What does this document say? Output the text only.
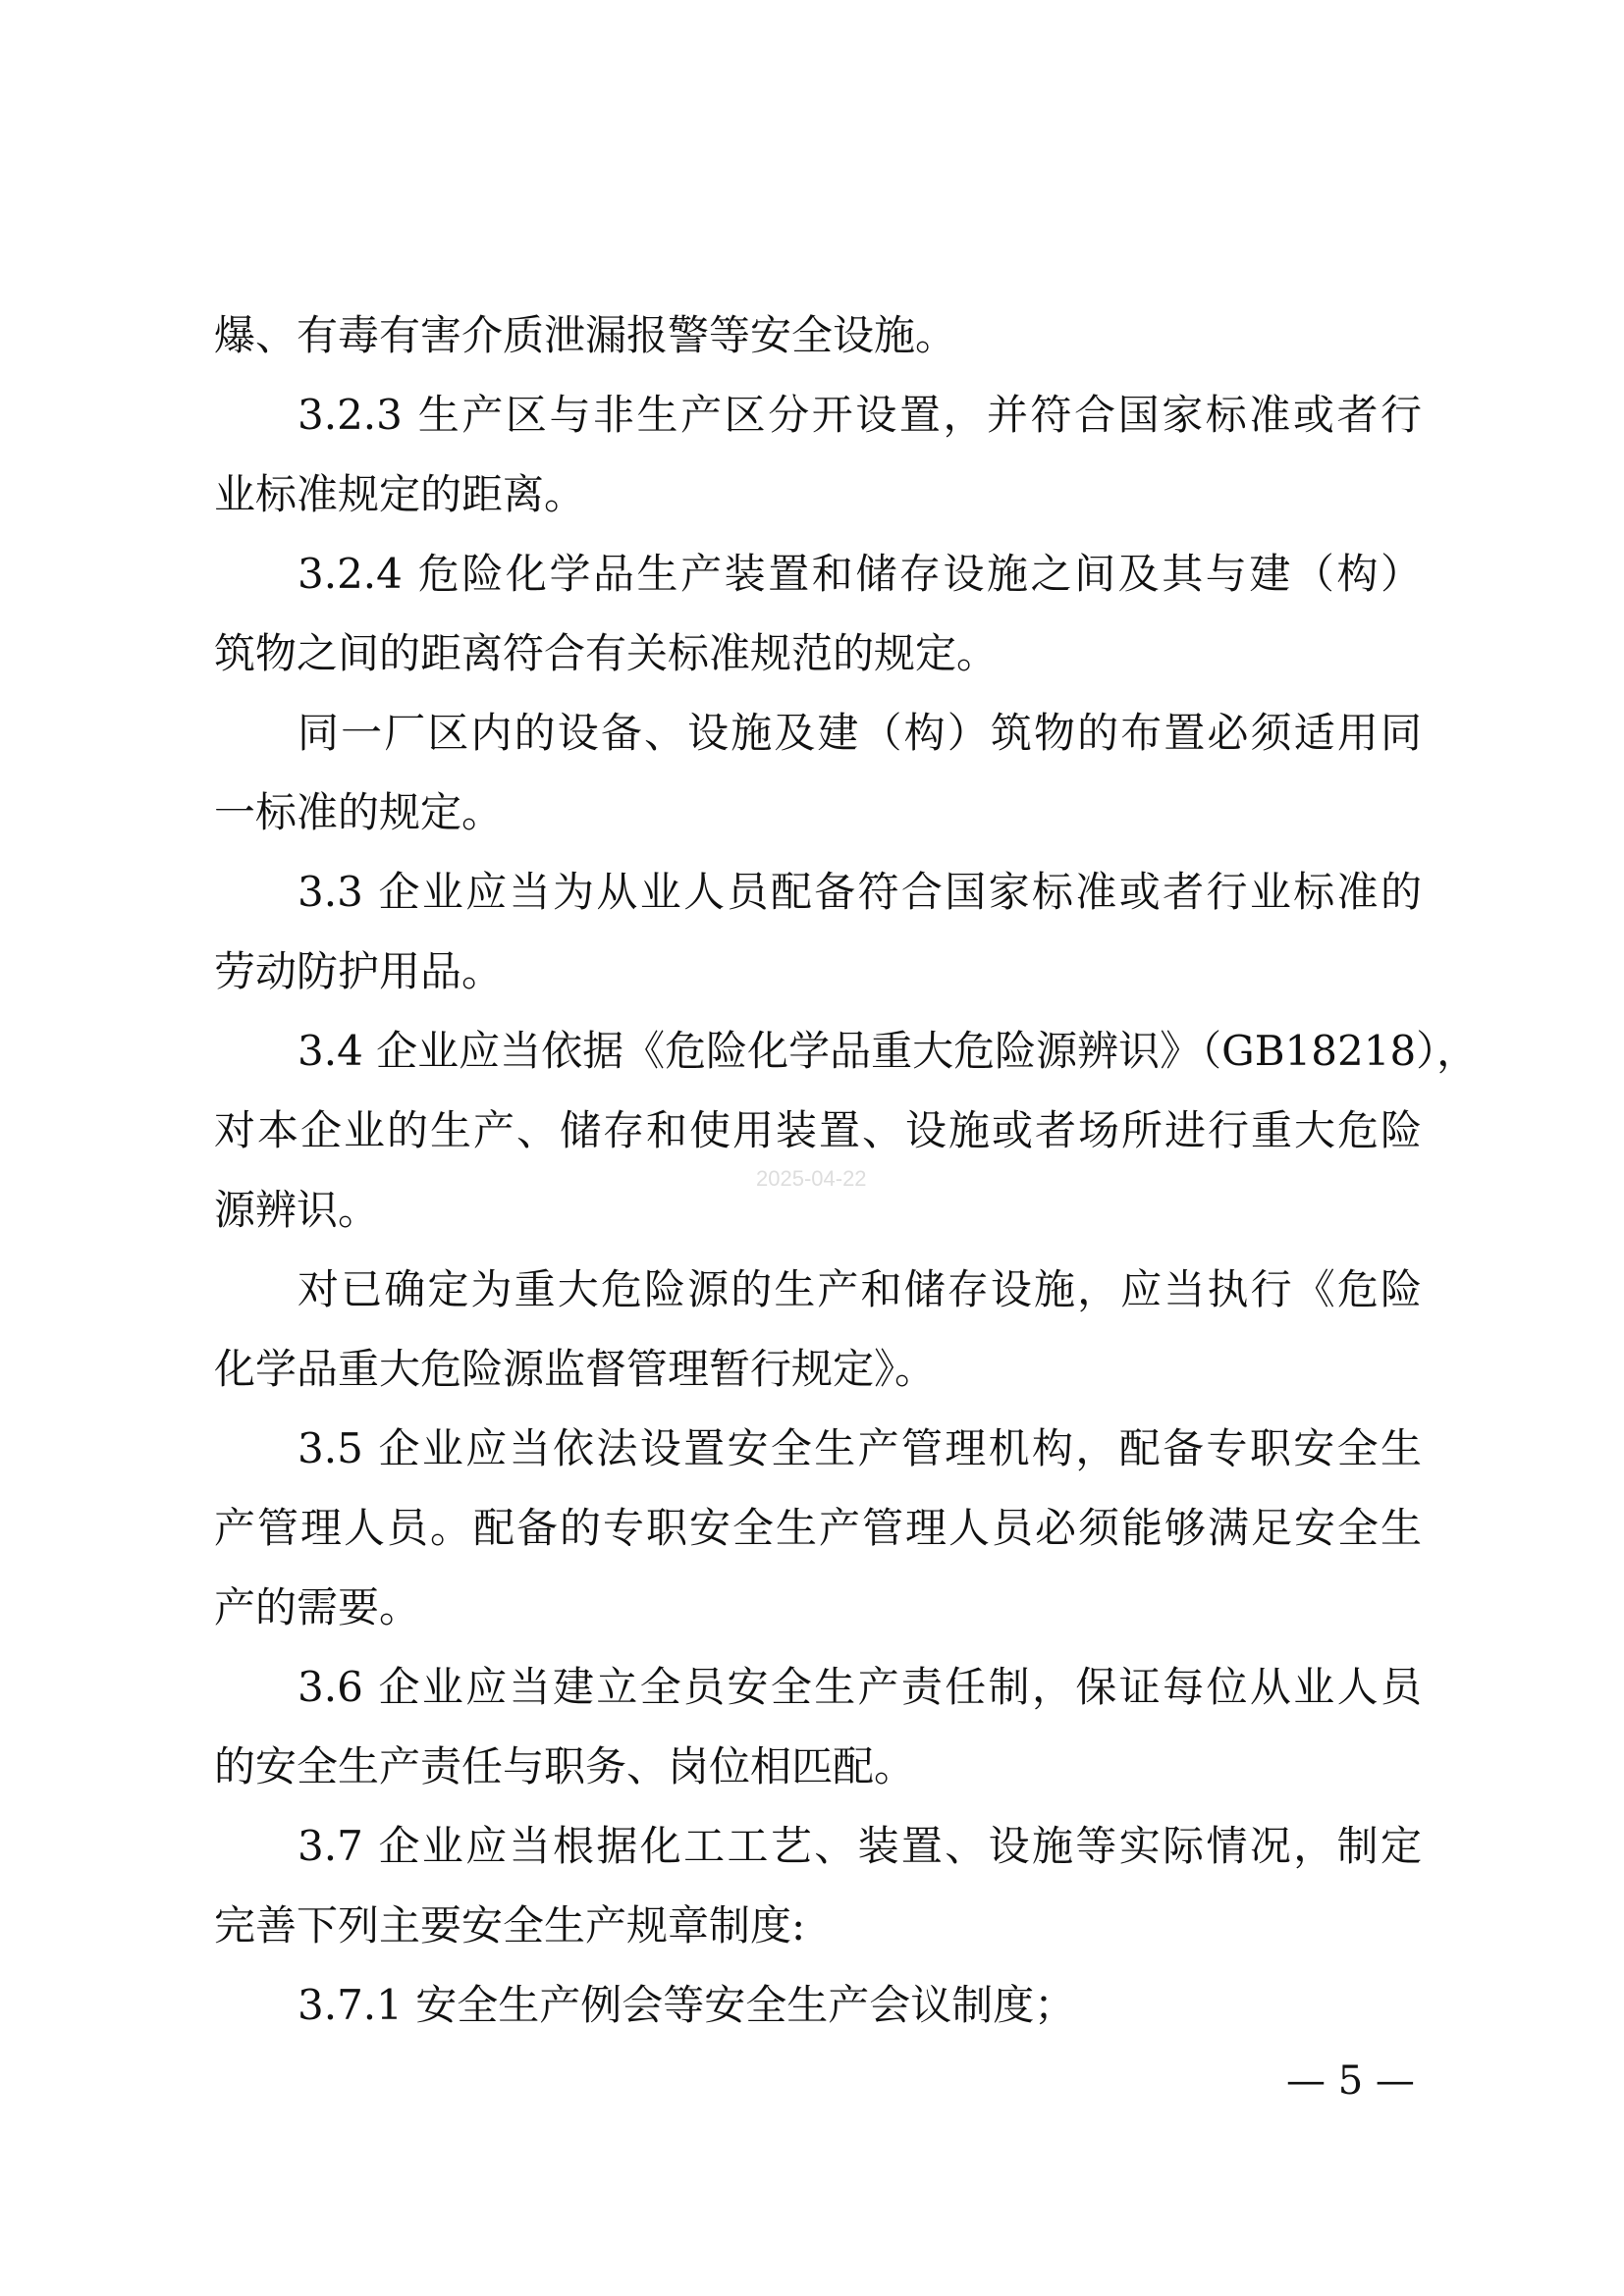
爆、有毒有害介质泄漏报警等安全设施。
3.2.3 生产区与非生产区分开设置，并符合国家标准或者行
业标准规定的距离。
3.2.4 危险化学品生产装置和储存设施之间及其与建（构）
筑物之间的距离符合有关标准规范的规定。
同一厂区内的设备、设施及建（构）筑物的布置必须适用同
一标准的规定。
3.3 企业应当为从业人员配备符合国家标准或者行业标准的
劳动防护用品。
3.4 企业应当依据《危险化学品重大危险源辨识》（GB18218），
对本企业的生产、储存和使用装置、设施或者场所进行重大危险
源辨识。
对已确定为重大危险源的生产和储存设施，应当执行《危险
化学品重大危险源监督管理暂行规定》。
3.5 企业应当依法设置安全生产管理机构，配备专职安全生
产管理人员。配备的专职安全生产管理人员必须能够满足安全生
产的需要。
3.6 企业应当建立全员安全生产责任制，保证每位从业人员
的安全生产责任与职务、岗位相匹配。
3.7 企业应当根据化工工艺、装置、设施等实际情况，制定
完善下列主要安全生产规章制度:
3.7.1 安全生产例会等安全生产会议制度；
2025-04-22
— 5 —
